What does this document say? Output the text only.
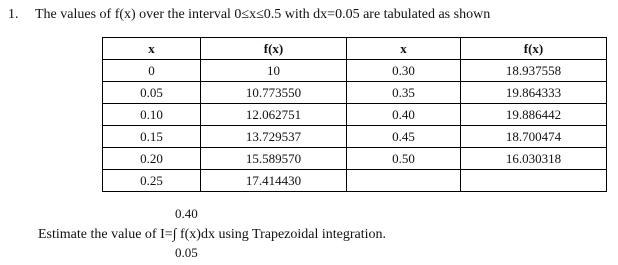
1. The values of f(x) over the interval 0≤x≤0.5 with dx=0.05 are tabulated as shown
x	f(x)	x	f(x)
0	10	0.30	18.937558
0.05	10.773550	0.35	19.864333
0.10	12.062751	0.40	19.886442
0.15	13.729537	0.45	18.700474
0.20	15.589570	0.50	16.030318
0.25	17.414430		
0.40
Estimate the value of I=∫ f(x)dx using Trapezoidal integration.
0.05
